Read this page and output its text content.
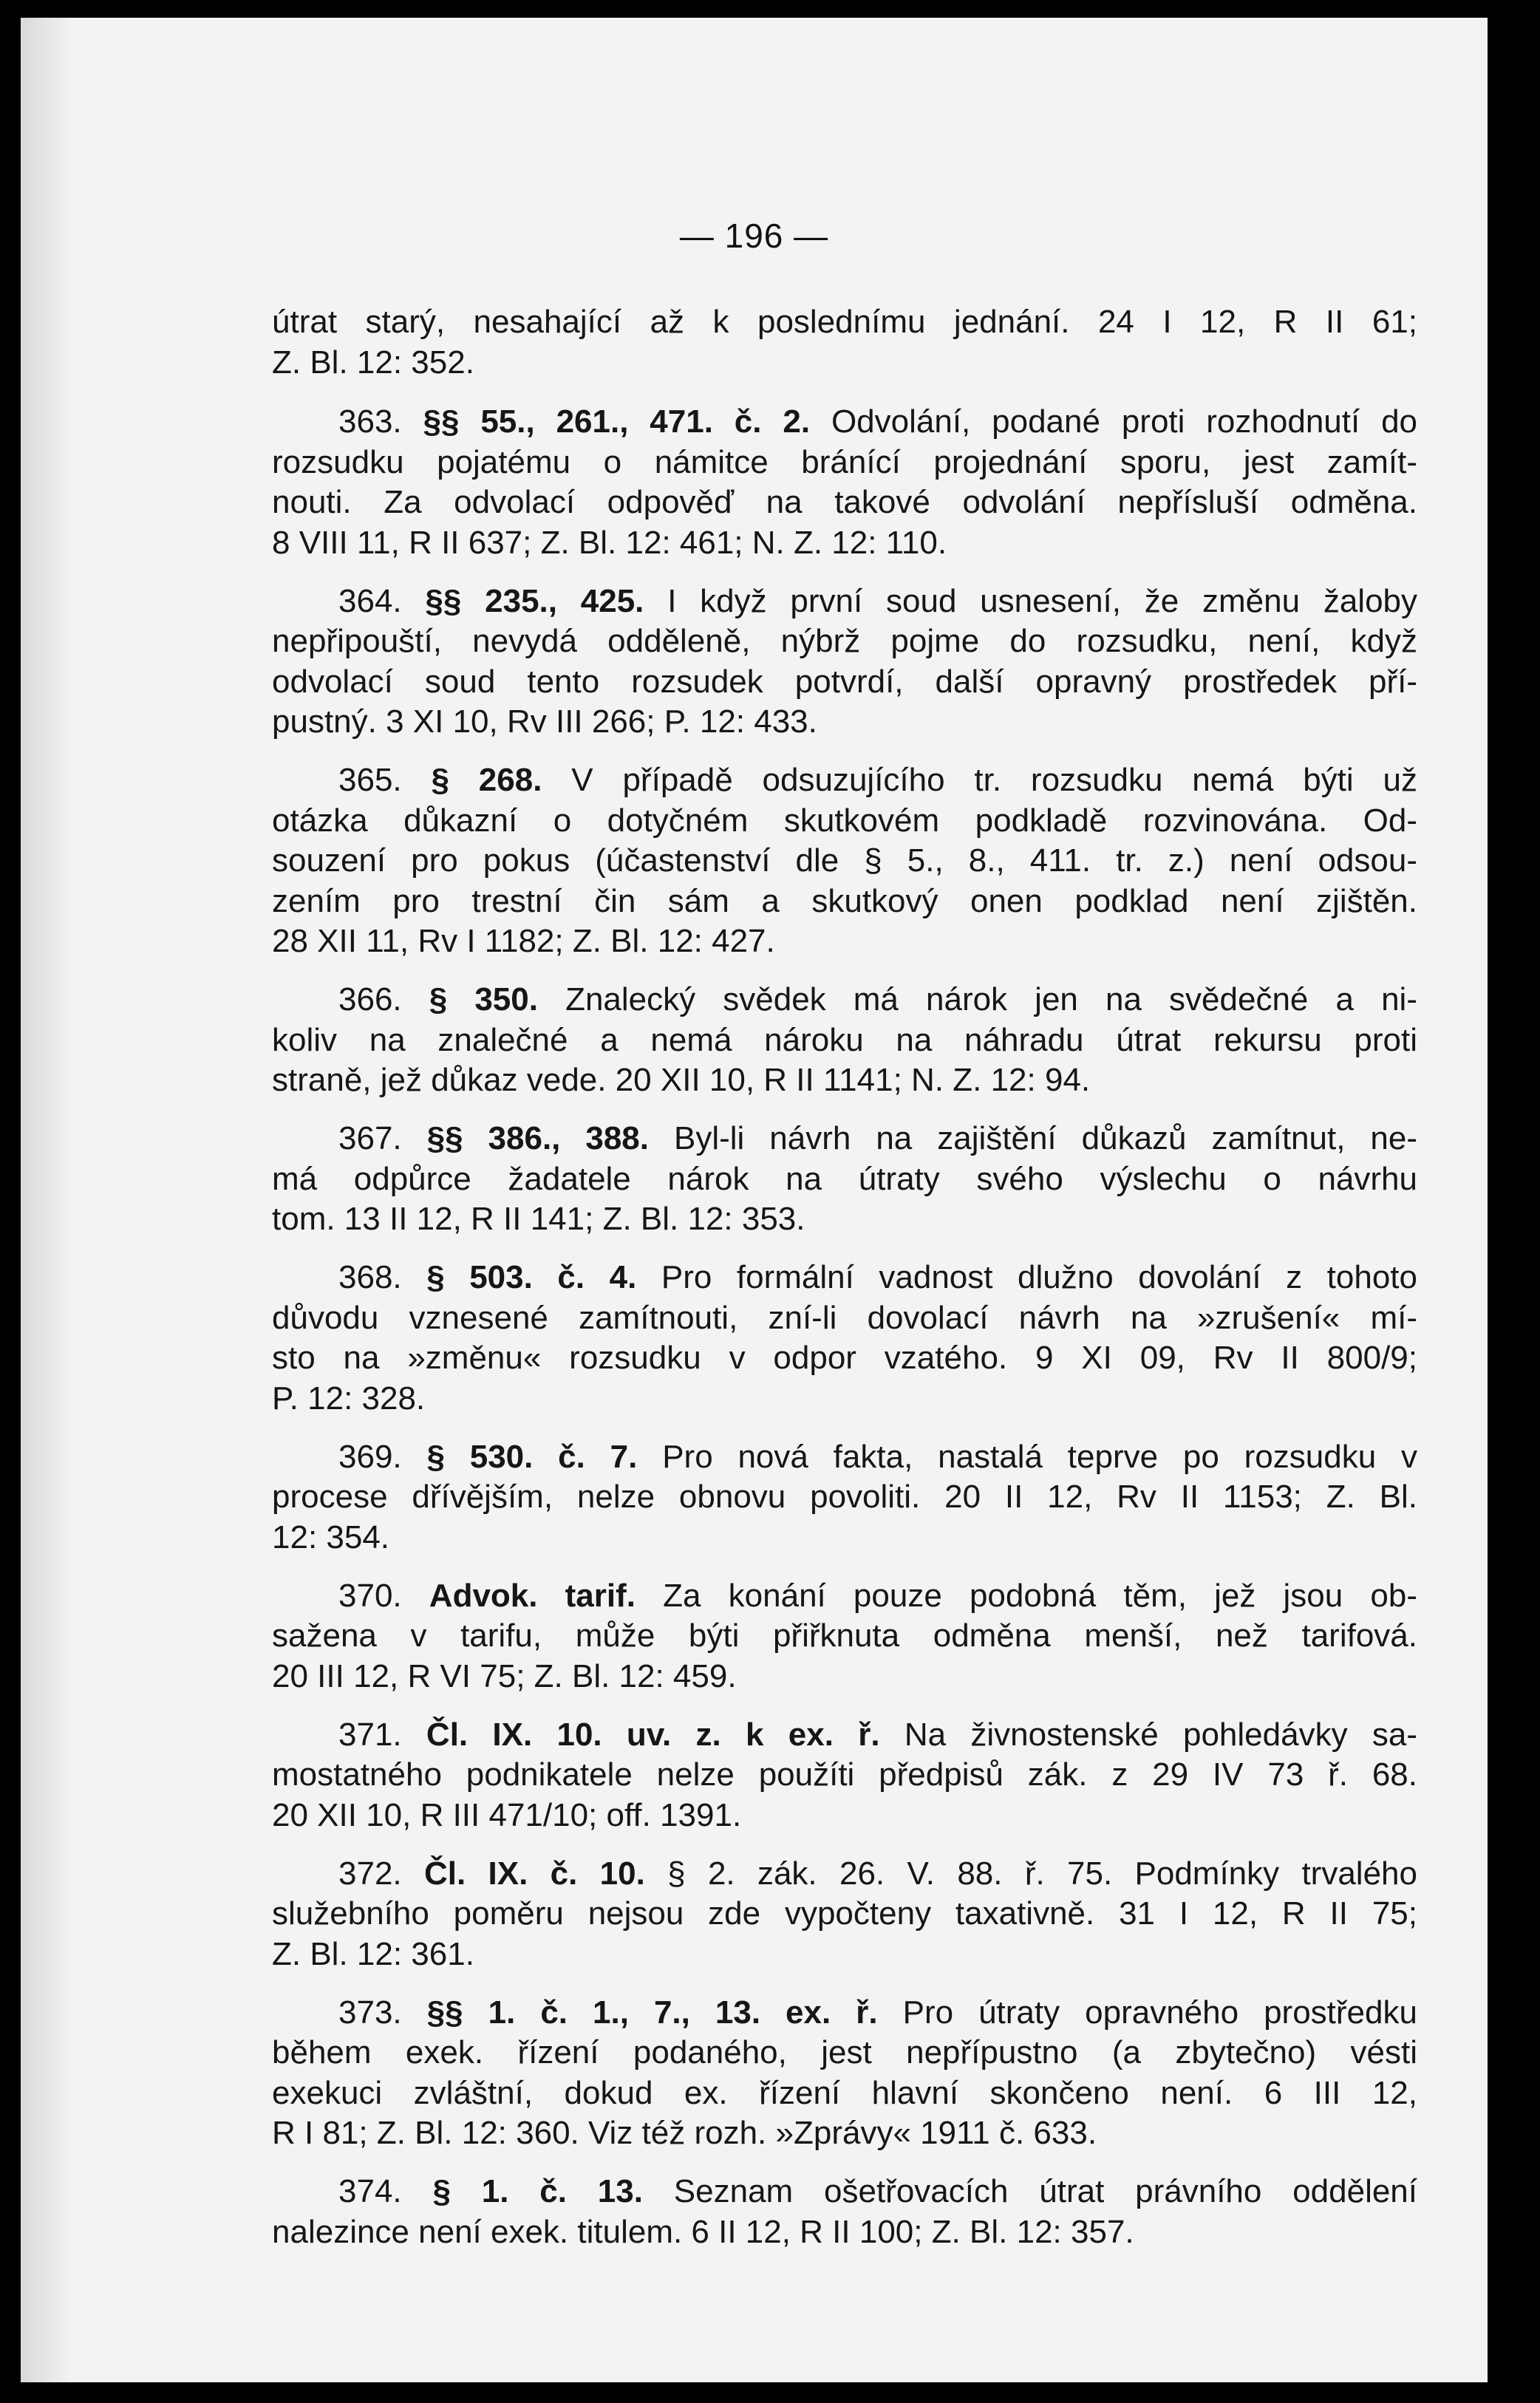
— 196 —
útrat starý, nesahající až k poslednímu jednání. 24 I 12, R II 61;
Z. Bl. 12: 352.
363. §§ 55., 261., 471. č. 2. Odvolání, podané proti rozhodnutí do
rozsudku pojatému o námitce bránící projednání sporu, jest zamít-
nouti. Za odvolací odpověď na takové odvolání nepřísluší odměna.
8 VIII 11, R II 637; Z. Bl. 12: 461; N. Z. 12: 110.
364. §§ 235., 425. I když první soud usnesení, že změnu žaloby
nepřipouští, nevydá odděleně, nýbrž pojme do rozsudku, není, když
odvolací soud tento rozsudek potvrdí, další opravný prostředek pří-
pustný. 3 XI 10, Rv III 266; P. 12: 433.
365. § 268. V případě odsuzujícího tr. rozsudku nemá býti už
otázka důkazní o dotyčném skutkovém podkladě rozvinována. Od-
souzení pro pokus (účastenství dle § 5., 8., 411. tr. z.) není odsou-
zením pro trestní čin sám a skutkový onen podklad není zjištěn.
28 XII 11, Rv I 1182; Z. Bl. 12: 427.
366. § 350. Znalecký svědek má nárok jen na svědečné a ni-
koliv na znalečné a nemá nároku na náhradu útrat rekursu proti
straně, jež důkaz vede. 20 XII 10, R II 1141; N. Z. 12: 94.
367. §§ 386., 388. Byl-li návrh na zajištění důkazů zamítnut, ne-
má odpůrce žadatele nárok na útraty svého výslechu o návrhu
tom. 13 II 12, R II 141; Z. Bl. 12: 353.
368. § 503. č. 4. Pro formální vadnost dlužno dovolání z tohoto
důvodu vznesené zamítnouti, zní-li dovolací návrh na »zrušení« mí-
sto na »změnu« rozsudku v odpor vzatého. 9 XI 09, Rv II 800/9;
P. 12: 328.
369. § 530. č. 7. Pro nová fakta, nastalá teprve po rozsudku v
procese dřívějším, nelze obnovu povoliti. 20 II 12, Rv II 1153; Z. Bl.
12: 354.
370. Advok. tarif. Za konání pouze podobná těm, jež jsou ob-
sažena v tarifu, může býti přiřknuta odměna menší, než tarifová.
20 III 12, R VI 75; Z. Bl. 12: 459.
371. Čl. IX. 10. uv. z. k ex. ř. Na živnostenské pohledávky sa-
mostatného podnikatele nelze použíti předpisů zák. z 29 IV 73 ř. 68.
20 XII 10, R III 471/10; off. 1391.
372. Čl. IX. č. 10. § 2. zák. 26. V. 88. ř. 75. Podmínky trvalého
služebního poměru nejsou zde vypočteny taxativně. 31 I 12, R II 75;
Z. Bl. 12: 361.
373. §§ 1. č. 1., 7., 13. ex. ř. Pro útraty opravného prostředku
během exek. řízení podaného, jest nepřípustno (a zbytečno) vésti
exekuci zvláštní, dokud ex. řízení hlavní skončeno není. 6 III 12,
R I 81; Z. Bl. 12: 360. Viz též rozh. »Zprávy« 1911 č. 633.
374. § 1. č. 13. Seznam ošetřovacích útrat právního oddělení
nalezince není exek. titulem. 6 II 12, R II 100; Z. Bl. 12: 357.
